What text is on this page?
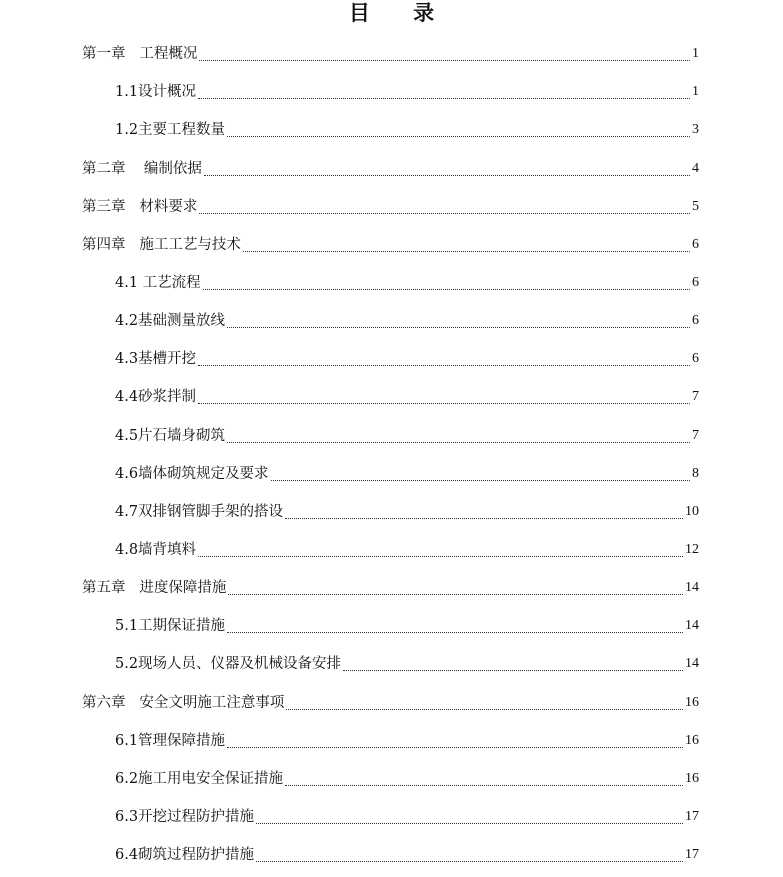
目 录
第一章   工程概况	1
1.1设计概况	1
1.2主要工程数量	3
第二章    编制依据	4
第三章   材料要求	5
第四章   施工工艺与技术	6
4.1 工艺流程	6
4.2基础测量放线	6
4.3基槽开挖	6
4.4砂浆拌制	7
4.5片石墙身砌筑	7
4.6墙体砌筑规定及要求	8
4.7双排钢管脚手架的搭设	10
4.8墙背填料	12
第五章   进度保障措施	14
5.1工期保证措施	14
5.2现场人员、仪器及机械设备安排	14
第六章   安全文明施工注意事项	16
6.1管理保障措施	16
6.2施工用电安全保证措施	16
6.3开挖过程防护措施	17
6.4砌筑过程防护措施	17
